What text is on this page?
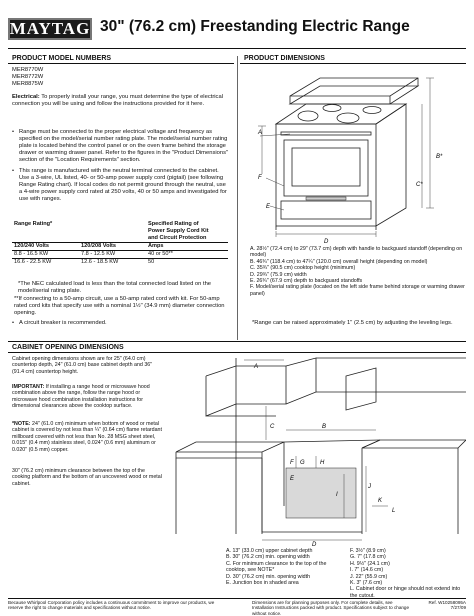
MAYTAG 30" (76.2 cm) Freestanding Electric Range
PRODUCT MODEL NUMBERS
MER8770W
MER8772W
MER8875W
Electrical: To properly install your range, you must determine the type of electrical connection you will be using and follow the instructions provided for it here.
• Range must be connected to the proper electrical voltage and frequency as specified on the model/serial number rating plate. The model/serial number rating plate is located behind the control panel or on the oven frame behind the storage drawer or warming drawer panel. Refer to the figures in the "Product Dimensions" section of the "Location Requirements" section.
• This range is manufactured with the neutral terminal connected to the cabinet. Use a 3-wire, UL listed, 40- or 50-amp power supply cord (pigtail) (see following Range Rating chart). If local codes do not permit ground through the neutral, use a 4-wire power supply cord rated at 250 volts, 40 or 50 amps and investigated for use with ranges.
Range Rating*		Specified Rating of
		Power Supply Cord Kit
		and Circuit Protection
120/240 Volts	120/208 Volts	Amps
8.8 - 16.5 KW	7.8 - 12.5 KW	40 or 50**
16.6 - 22.5 KW	12.6 - 18.5 KW	50
*The NEC calculated load is less than the total connected load listed on the model/serial rating plate.
**If connecting to a 50-amp circuit, use a 50-amp rated cord with kit. For 50-amp rated cord kits that specify use with a nominal 1½" (34.9 mm) diameter connection opening.
• A circuit breaker is recommended.
PRODUCT DIMENSIONS
A
B*
C*
D
E
F
A. 28½" (72.4 cm) to 29" (73.7 cm) depth with handle to backguard standoff (depending on model)
B. 46¾" (118.4 cm) to 47¼" (120.0 cm) overall height (depending on model)
C. 35¾" (90.5 cm) cooktop height (minimum)
D. 29¾" (75.9 cm) width
E. 26¾" (67.9 cm) depth to backguard standoffs
F. Model/serial rating plate (located on the left side frame behind storage or warming drawer panel)
*Range can be raised approximately 1" (2.5 cm) by adjusting the leveling legs.
CABINET OPENING DIMENSIONS
Cabinet opening dimensions shown are for 25" (64.0 cm) countertop depth, 24" (61.0 cm) base cabinet depth and 36" (91.4 cm) countertop height.
IMPORTANT: If installing a range hood or microwave hood combination above the range, follow the range hood or microwave hood combination installation instructions for dimensional clearances above the cooktop surface.
*NOTE: 24" (61.0 cm) minimum when bottom of wood or metal cabinet is covered by not less than ¼" (0.64 cm) flame retardant millboard covered with not less than No. 28 MSG sheet steel, 0.015" (0.4 mm) stainless steel, 0.024" (0.6 mm) aluminum or 0.020" (0.5 mm) copper.
30" (76.2 cm) minimum clearance between the top of the cooking platform and the bottom of an uncovered wood or metal cabinet.
A
B
C
D
E
F G	H
I
J
K
L
A. 13" (33.0 cm) upper cabinet depth
B. 30" (76.2 cm) min. opening width
C. For minimum clearance to the top of the cooktop, see NOTE*
D. 30" (76.2 cm) min. opening width
E. Junction box in shaded area
F. 3½" (8.9 cm)
G. 7" (17.8 cm)
H. 9½" (24.1 cm)
I. 7" (14.6 cm)
J. 22" (55.9 cm)
K. 3" (7.6 cm)
L. Cabinet door or hinge should not extend into the cutout.
Because Whirlpool Corporation policy includes a continuous commitment to improve our products, we reserve the right to change materials and specifications without notice.
Dimensions are for planning purposes only. For complete details, see Installation Instructions packed with product. Specifications subject to change without notice.
Ref. W10258095A
7/27/09
